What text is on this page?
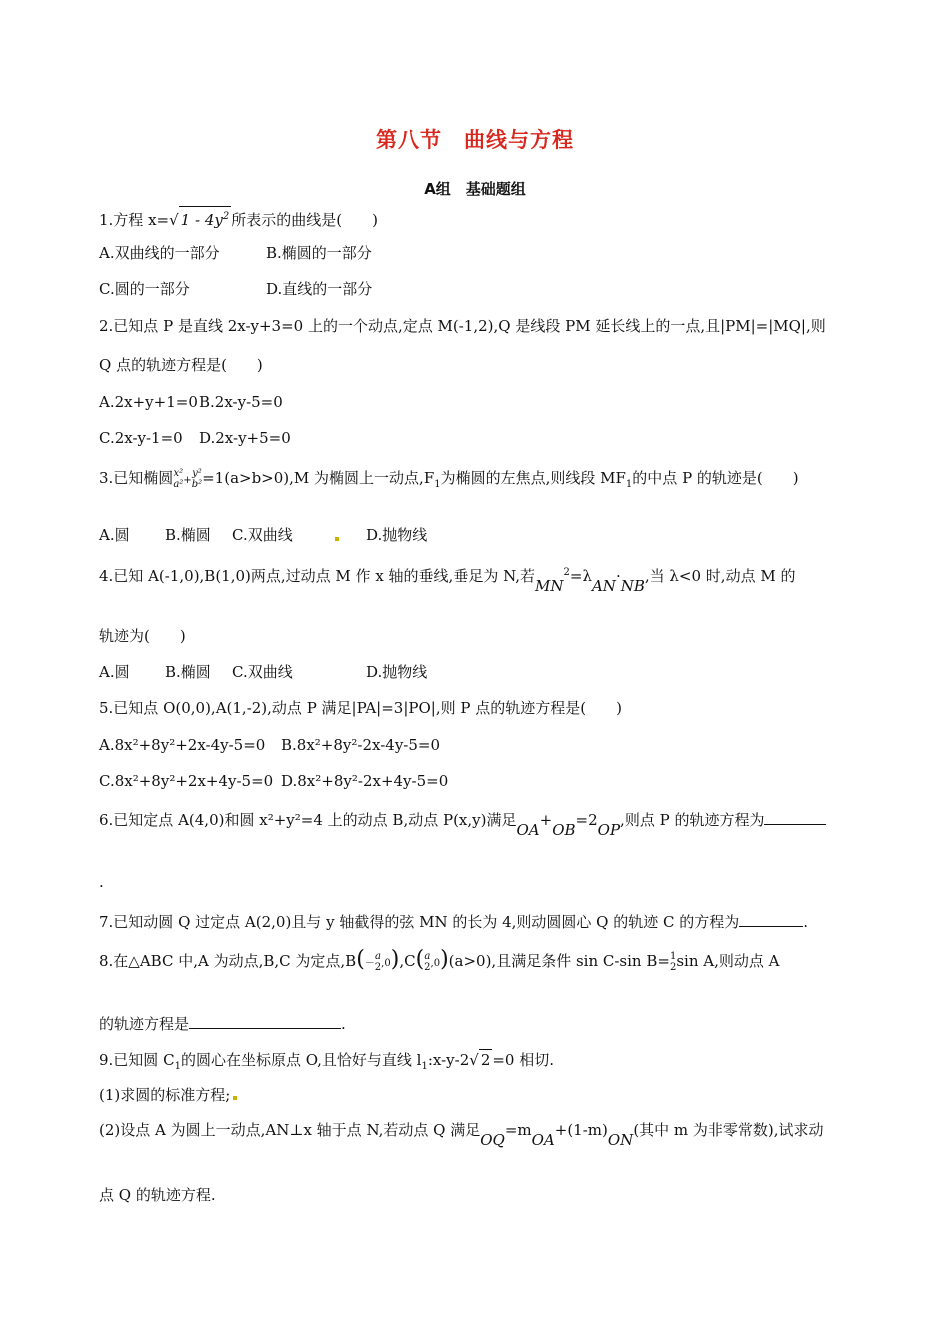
第八节　曲线与方程
A组　基础题组
1.方程 x=√ $1 - 4y^2$ 所表示的曲线是(　　)
A.双曲线的一部分	B.椭圆的一部分
C.圆的一部分	D.直线的一部分
2.已知点 P 是直线 2x-y+3=0 上的一个动点,定点 M(-1,2),Q 是线段 PM 延长线上的一点,且|PM|=|MQ|,则
Q 点的轨迹方程是(　　)
A.2x+y+1=0 B.2x-y-5=0
C.2x-y-1=0 D.2x-y+5=0
3.已知椭圆 x²
a² +
y²
b² =1(a>b>0),M 为椭圆上一动点$,F_1$为椭圆的左焦点,则线段 $MF_1$的中点 P 的轨迹是(　　)
A.圆 B.椭圆 C.双曲线	D.抛物线
4.已知 A(-1,0),B(1,0)两点,过动点 M 作 x 轴的垂线,垂足为 N,若$MN^2=\lambda AN\cdot NB$,当 λ<0 时,动点 M 的
轨迹为(　　)
A.圆 B.椭圆 C.双曲线	D.抛物线
5.已知点 O(0,0),A(1,-2),动点 P 满足|PA|=3|PO|,则 P 点的轨迹方程是(　　)
A.8x²+8y²+2x-4y-5=0 B.8x²+8y²-2x-4y-5=0
C.8x²+8y²+2x+4y-5=0 D.8x²+8y²-2x+4y-5=0
6.已知定点 A(4,0)和圆 x²+y²=4 上的动点 B,动点 P(x,y)满足OA+OB=2OP,则点 P 的轨迹方程为
.
7.已知动圆 Q 过定点 A(2,0)且与 y 轴截得的弦 MN 的长为 4,则动圆圆心 Q 的轨迹 C 的方程为	.
8.在△ABC 中,A 为动点,B,C 为定点,B(－
a
2 ,0),C( a
2 ,0)(a>0),且满足条件 sin C-sin B= 1
2 sin A,则动点 A
的轨迹方程是	.
9.已知圆 $C_1$的圆心在坐标原点 O,且恰好与直线 $l_1:x-y-2√$ 2 =0 相切.
(1)求圆的标准方程;
(2)设点 A 为圆上一动点,AN⊥x 轴于点 N,若动点 Q 满足OQ=mOA+(1-m)ON(其中 m 为非零常数),试求动
点 Q 的轨迹方程.
